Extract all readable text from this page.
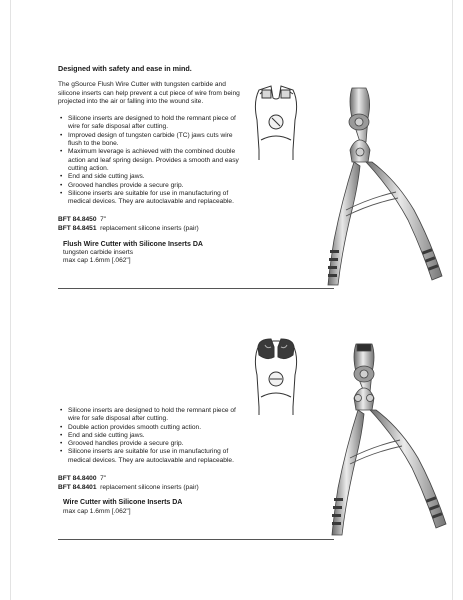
Designed with safety and ease in mind.
The gSource Flush Wire Cutter with tungsten carbide and silicone inserts can help prevent a cut piece of wire from being projected into the air or falling into the wound site.
• Silicone inserts are designed to hold the remnant piece of wire for safe disposal after cutting.
• Improved design of tungsten carbide (TC) jaws cuts wire flush to the bone.
• Maximum leverage is achieved with the combined double action and leaf spring design. Provides a smooth and easy cutting action.
• End and side cutting jaws.
• Grooved handles provide a secure grip.
• Silicone inserts are suitable for use in manufacturing of medical devices. They are autoclavable and replaceable.
BFT 84.8450 7"
BFT 84.8451 replacement silicone inserts (pair)
Flush Wire Cutter with Silicone Inserts DA
tungsten carbide inserts
max cap 1.6mm [.062"]
• Silicone inserts are designed to hold the remnant piece of wire for safe disposal after cutting.
• Double action provides smooth cutting action.
• End and side cutting jaws.
• Grooved handles provide a secure grip.
• Silicone inserts are suitable for use in manufacturing of medical devices. They are autoclavable and replaceable.
BFT 84.8400 7"
BFT 84.8401 replacement silicone inserts (pair)
Wire Cutter with Silicone Inserts DA
max cap 1.6mm [.062"]
